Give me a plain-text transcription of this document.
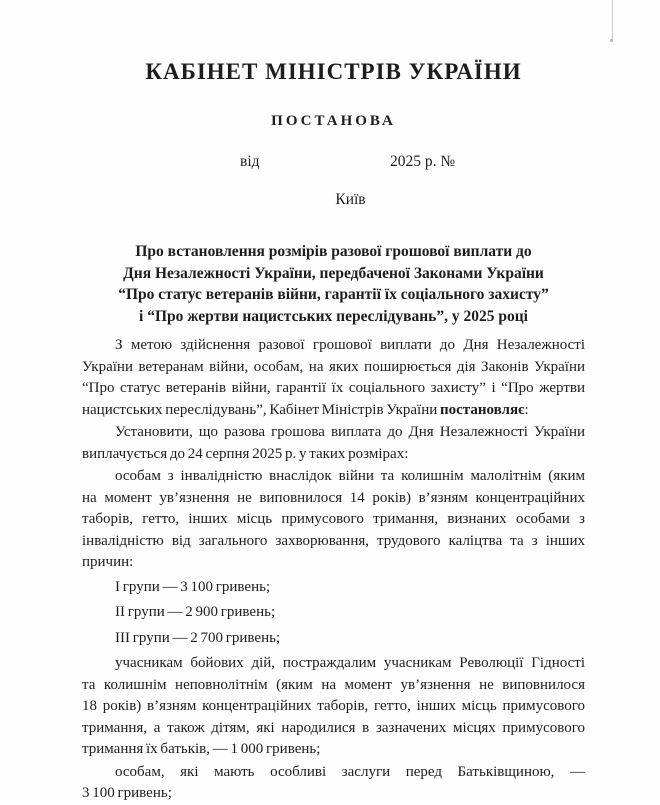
КАБІНЕТ МІНІСТРІВ УКРАЇНИ
ПОСТАНОВА
від	2025 р. №
Київ
Про встановлення розмірів разової грошової виплати до
Дня Незалежності України, передбаченої Законами України
“Про статус ветеранів війни, гарантії їх соціального захисту”
і “Про жертви нацистських переслідувань”, у 2025 році
З метою здійснення разової грошової виплати до Дня Незалежності
України ветеранам війни, особам, на яких поширюється дія Законів України
“Про статус ветеранів війни, гарантії їх соціального захисту” і “Про жертви
нацистських переслідувань”, Кабінет Міністрів України постановляє:
Установити, що разова грошова виплата до Дня Незалежності України
виплачується до 24 серпня 2025 р. у таких розмірах:
особам з інвалідністю внаслідок війни та колишнім малолітнім (яким
на момент ув’язнення не виповнилося 14 років) в’язням концентраційних
таборів, гетто, інших місць примусового тримання, визнаних особами з
інвалідністю від загального захворювання, трудового каліцтва та з інших
причин:
І групи — 3 100 гривень;
ІІ групи — 2 900 гривень;
ІІІ групи — 2 700 гривень;
учасникам бойових дій, постраждалим учасникам Революції Гідності
та колишнім неповнолітнім (яким на момент ув’язнення не виповнилося
18 років) в’язням концентраційних таборів, гетто, інших місць примусового
тримання, а також дітям, які народилися в зазначених місцях примусового
тримання їх батьків, — 1 000 гривень;
особам, які мають особливі заслуги перед Батьківщиною, —
3 100 гривень;
